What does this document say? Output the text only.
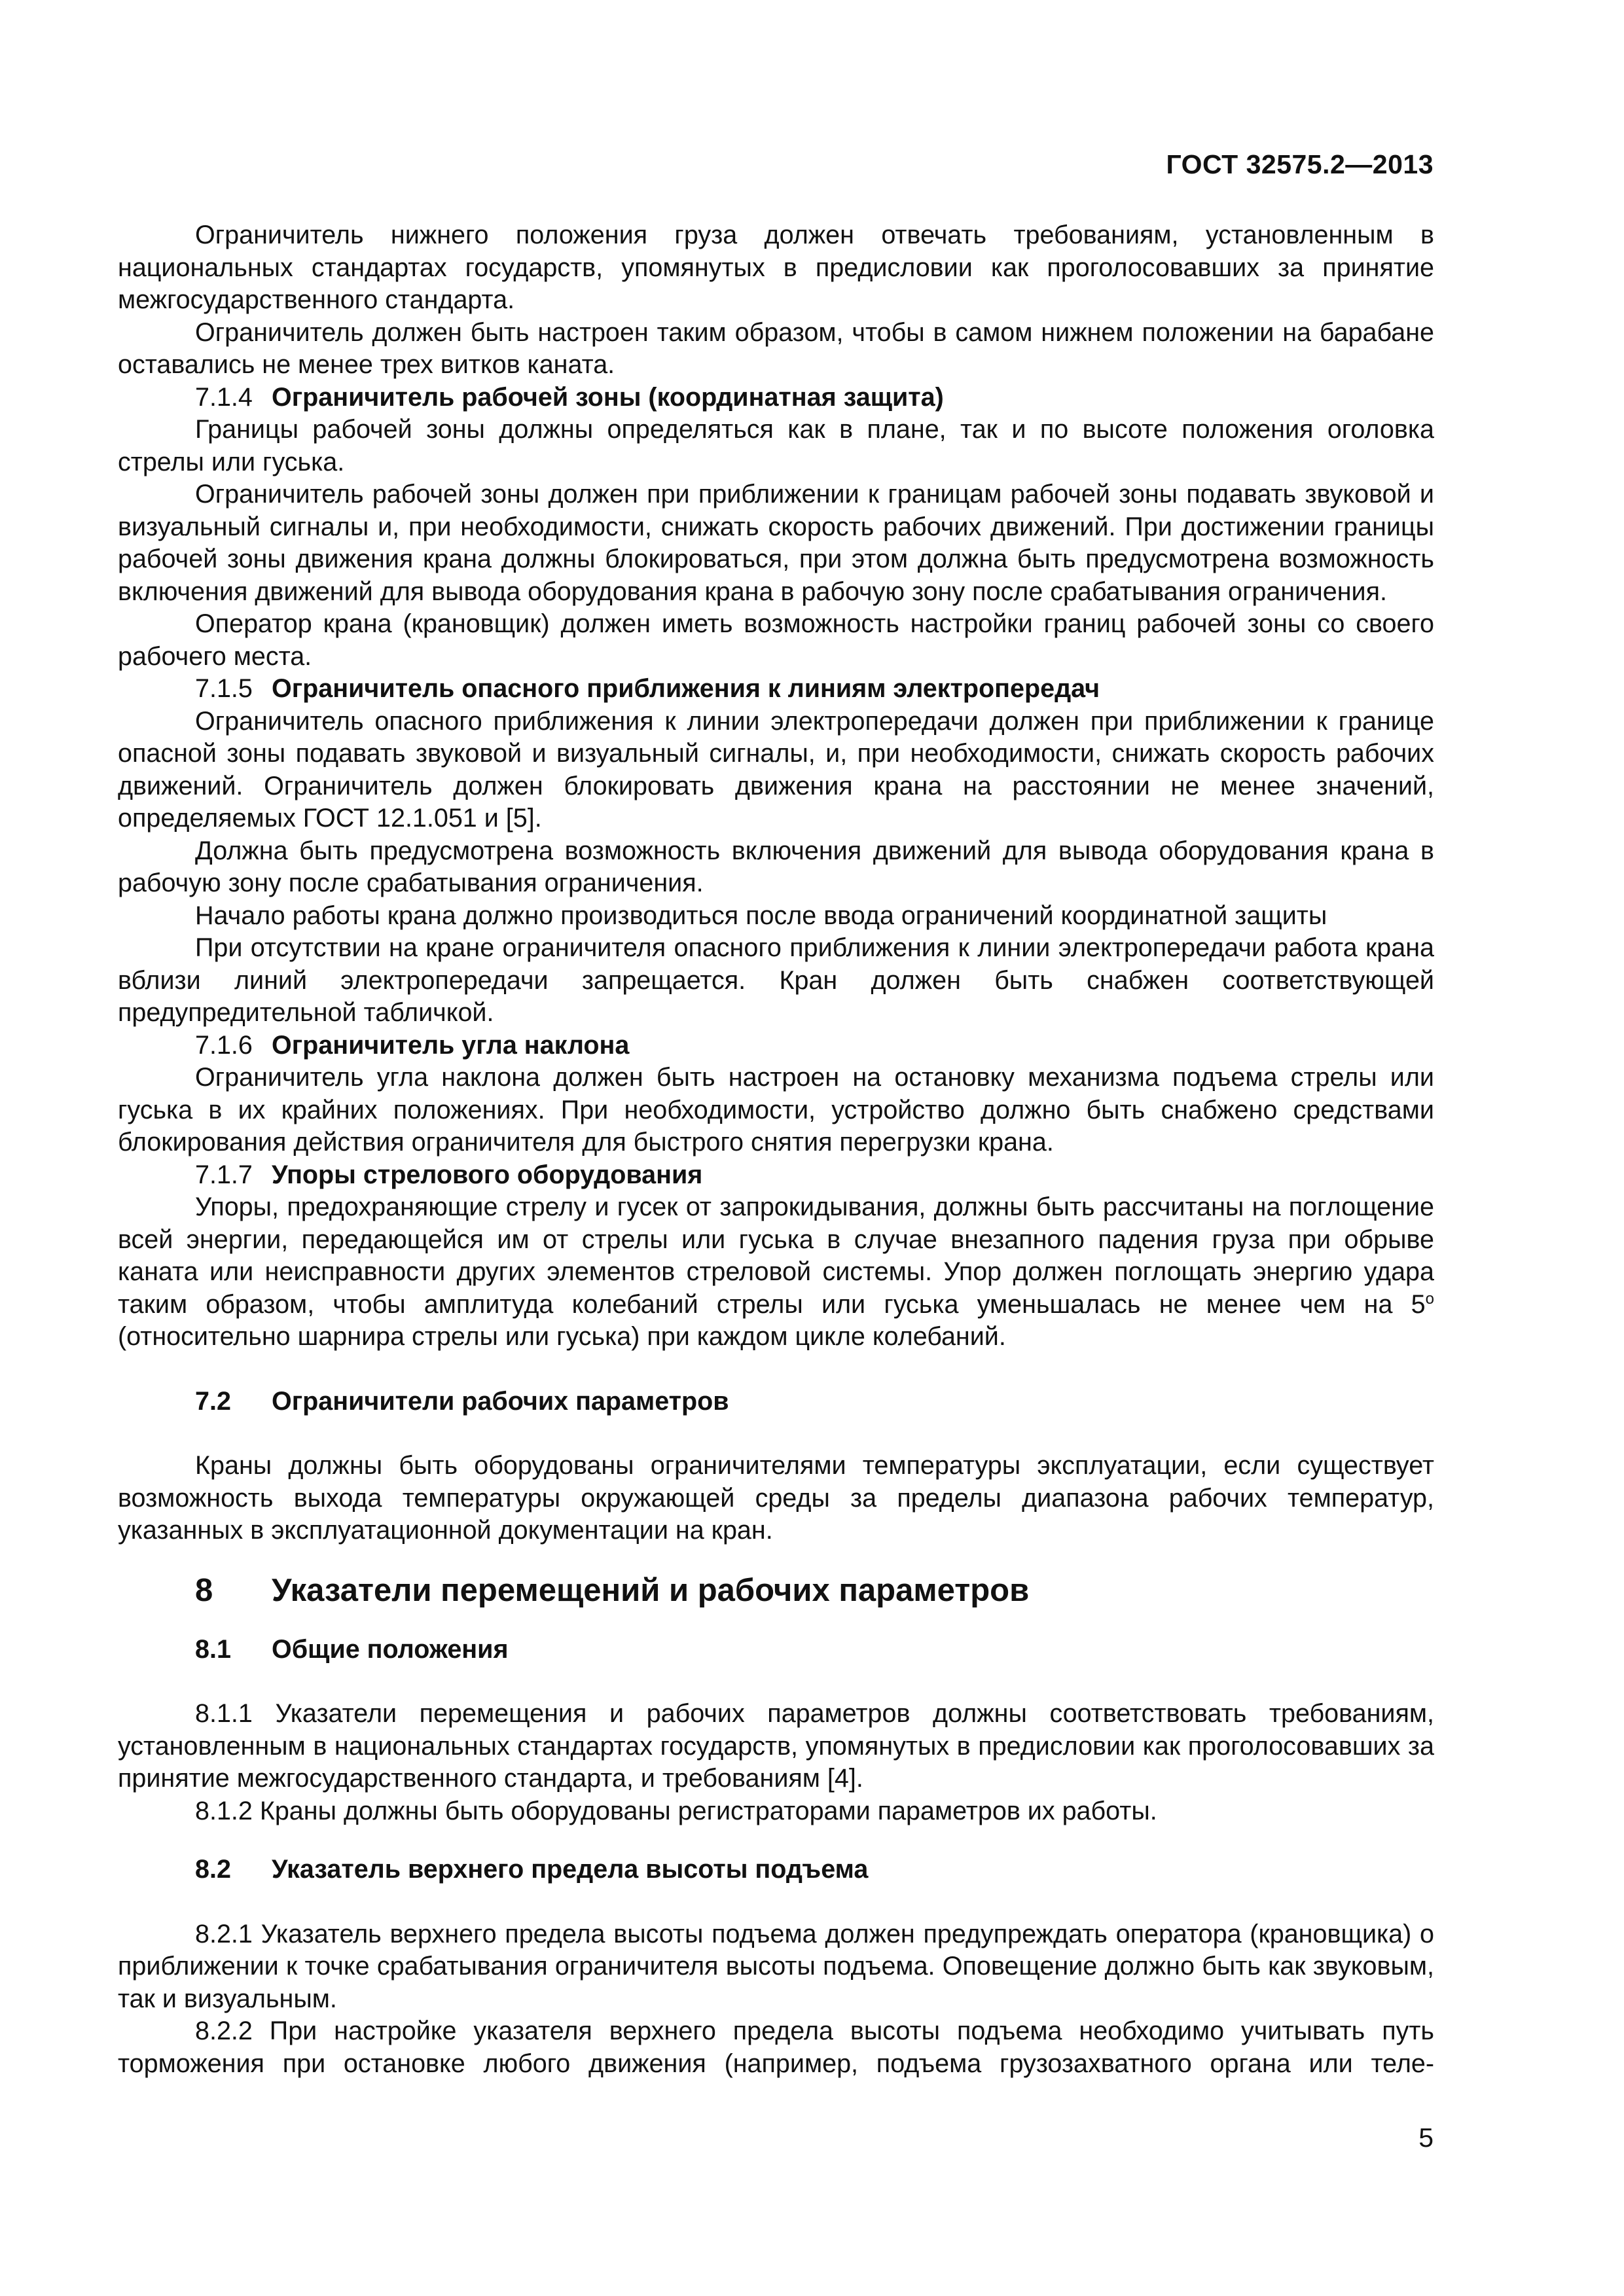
ГОСТ 32575.2—2013

Ограничитель нижнего положения груза должен отвечать требованиям, установленным в национальных стандартах государств, упомянутых в предисловии как проголосовавших за принятие межгосударственного стандарта.

Ограничитель должен быть настроен таким образом, чтобы в самом нижнем положении на барабане оставались не менее трех витков каната.

7.1.4 Ограничитель рабочей зоны (координатная защита)

Границы рабочей зоны должны определяться как в плане, так и по высоте положения оголовка стрелы или гуська.

Ограничитель рабочей зоны должен при приближении к границам рабочей зоны подавать звуковой и визуальный сигналы и, при необходимости, снижать скорость рабочих движений. При достижении границы рабочей зоны движения крана должны блокироваться, при этом должна быть предусмотрена возможность включения движений для вывода оборудования крана в рабочую зону после срабатывания ограничения.

Оператор крана (крановщик) должен иметь возможность настройки границ рабочей зоны со своего рабочего места.

7.1.5 Ограничитель опасного приближения к линиям электропередач

Ограничитель опасного приближения к линии электропередачи должен при приближении к границе опасной зоны подавать звуковой и визуальный сигналы, и, при необходимости, снижать скорость рабочих движений. Ограничитель должен блокировать движения крана на расстоянии не менее значений, определяемых ГОСТ 12.1.051 и [5].

Должна быть предусмотрена возможность включения движений для вывода оборудования крана в рабочую зону после срабатывания ограничения.

Начало работы крана должно производиться после ввода ограничений координатной защиты

При отсутствии на кране ограничителя опасного приближения к линии электропередачи работа крана вблизи линий электропередачи запрещается. Кран должен быть снабжен соответствующей предупредительной табличкой.

7.1.6 Ограничитель угла наклона

Ограничитель угла наклона должен быть настроен на остановку механизма подъема стрелы или гуська в их крайних положениях. При необходимости, устройство должно быть снабжено средствами блокирования действия ограничителя для быстрого снятия перегрузки крана.

7.1.7 Упоры стрелового оборудования

Упоры, предохраняющие стрелу и гусек от запрокидывания, должны быть рассчитаны на поглощение всей энергии, передающейся им от стрелы или гуська в случае внезапного падения груза при обрыве каната или неисправности других элементов стреловой системы. Упор должен поглощать энергию удара таким образом, чтобы амплитуда колебаний стрелы или гуська уменьшалась не менее чем на $5^о$ (относительно шарнира стрелы или гуська) при каждом цикле колебаний.

7.2 Ограничители рабочих параметров

Краны должны быть оборудованы ограничителями температуры эксплуатации, если существует возможность выхода температуры окружающей среды за пределы диапазона рабочих температур, указанных в эксплуатационной документации на кран.

8 Указатели перемещений и рабочих параметров
8.1 Общие положения

8.1.1 Указатели перемещения и рабочих параметров должны соответствовать требованиям, установленным в национальных стандартах государств, упомянутых в предисловии как проголосовавших за принятие межгосударственного стандарта, и требованиям [4].

8.1.2 Краны должны быть оборудованы регистраторами параметров их работы.

8.2 Указатель верхнего предела высоты подъема

8.2.1 Указатель верхнего предела высоты подъема должен предупреждать оператора (крановщика) о приближении к точке срабатывания ограничителя высоты подъема. Оповещение должно быть как звуковым, так и визуальным.

8.2.2 При настройке указателя верхнего предела высоты подъема необходимо учитывать путь торможения при остановке любого движения (например, подъема грузозахватного органа или теле-

5
